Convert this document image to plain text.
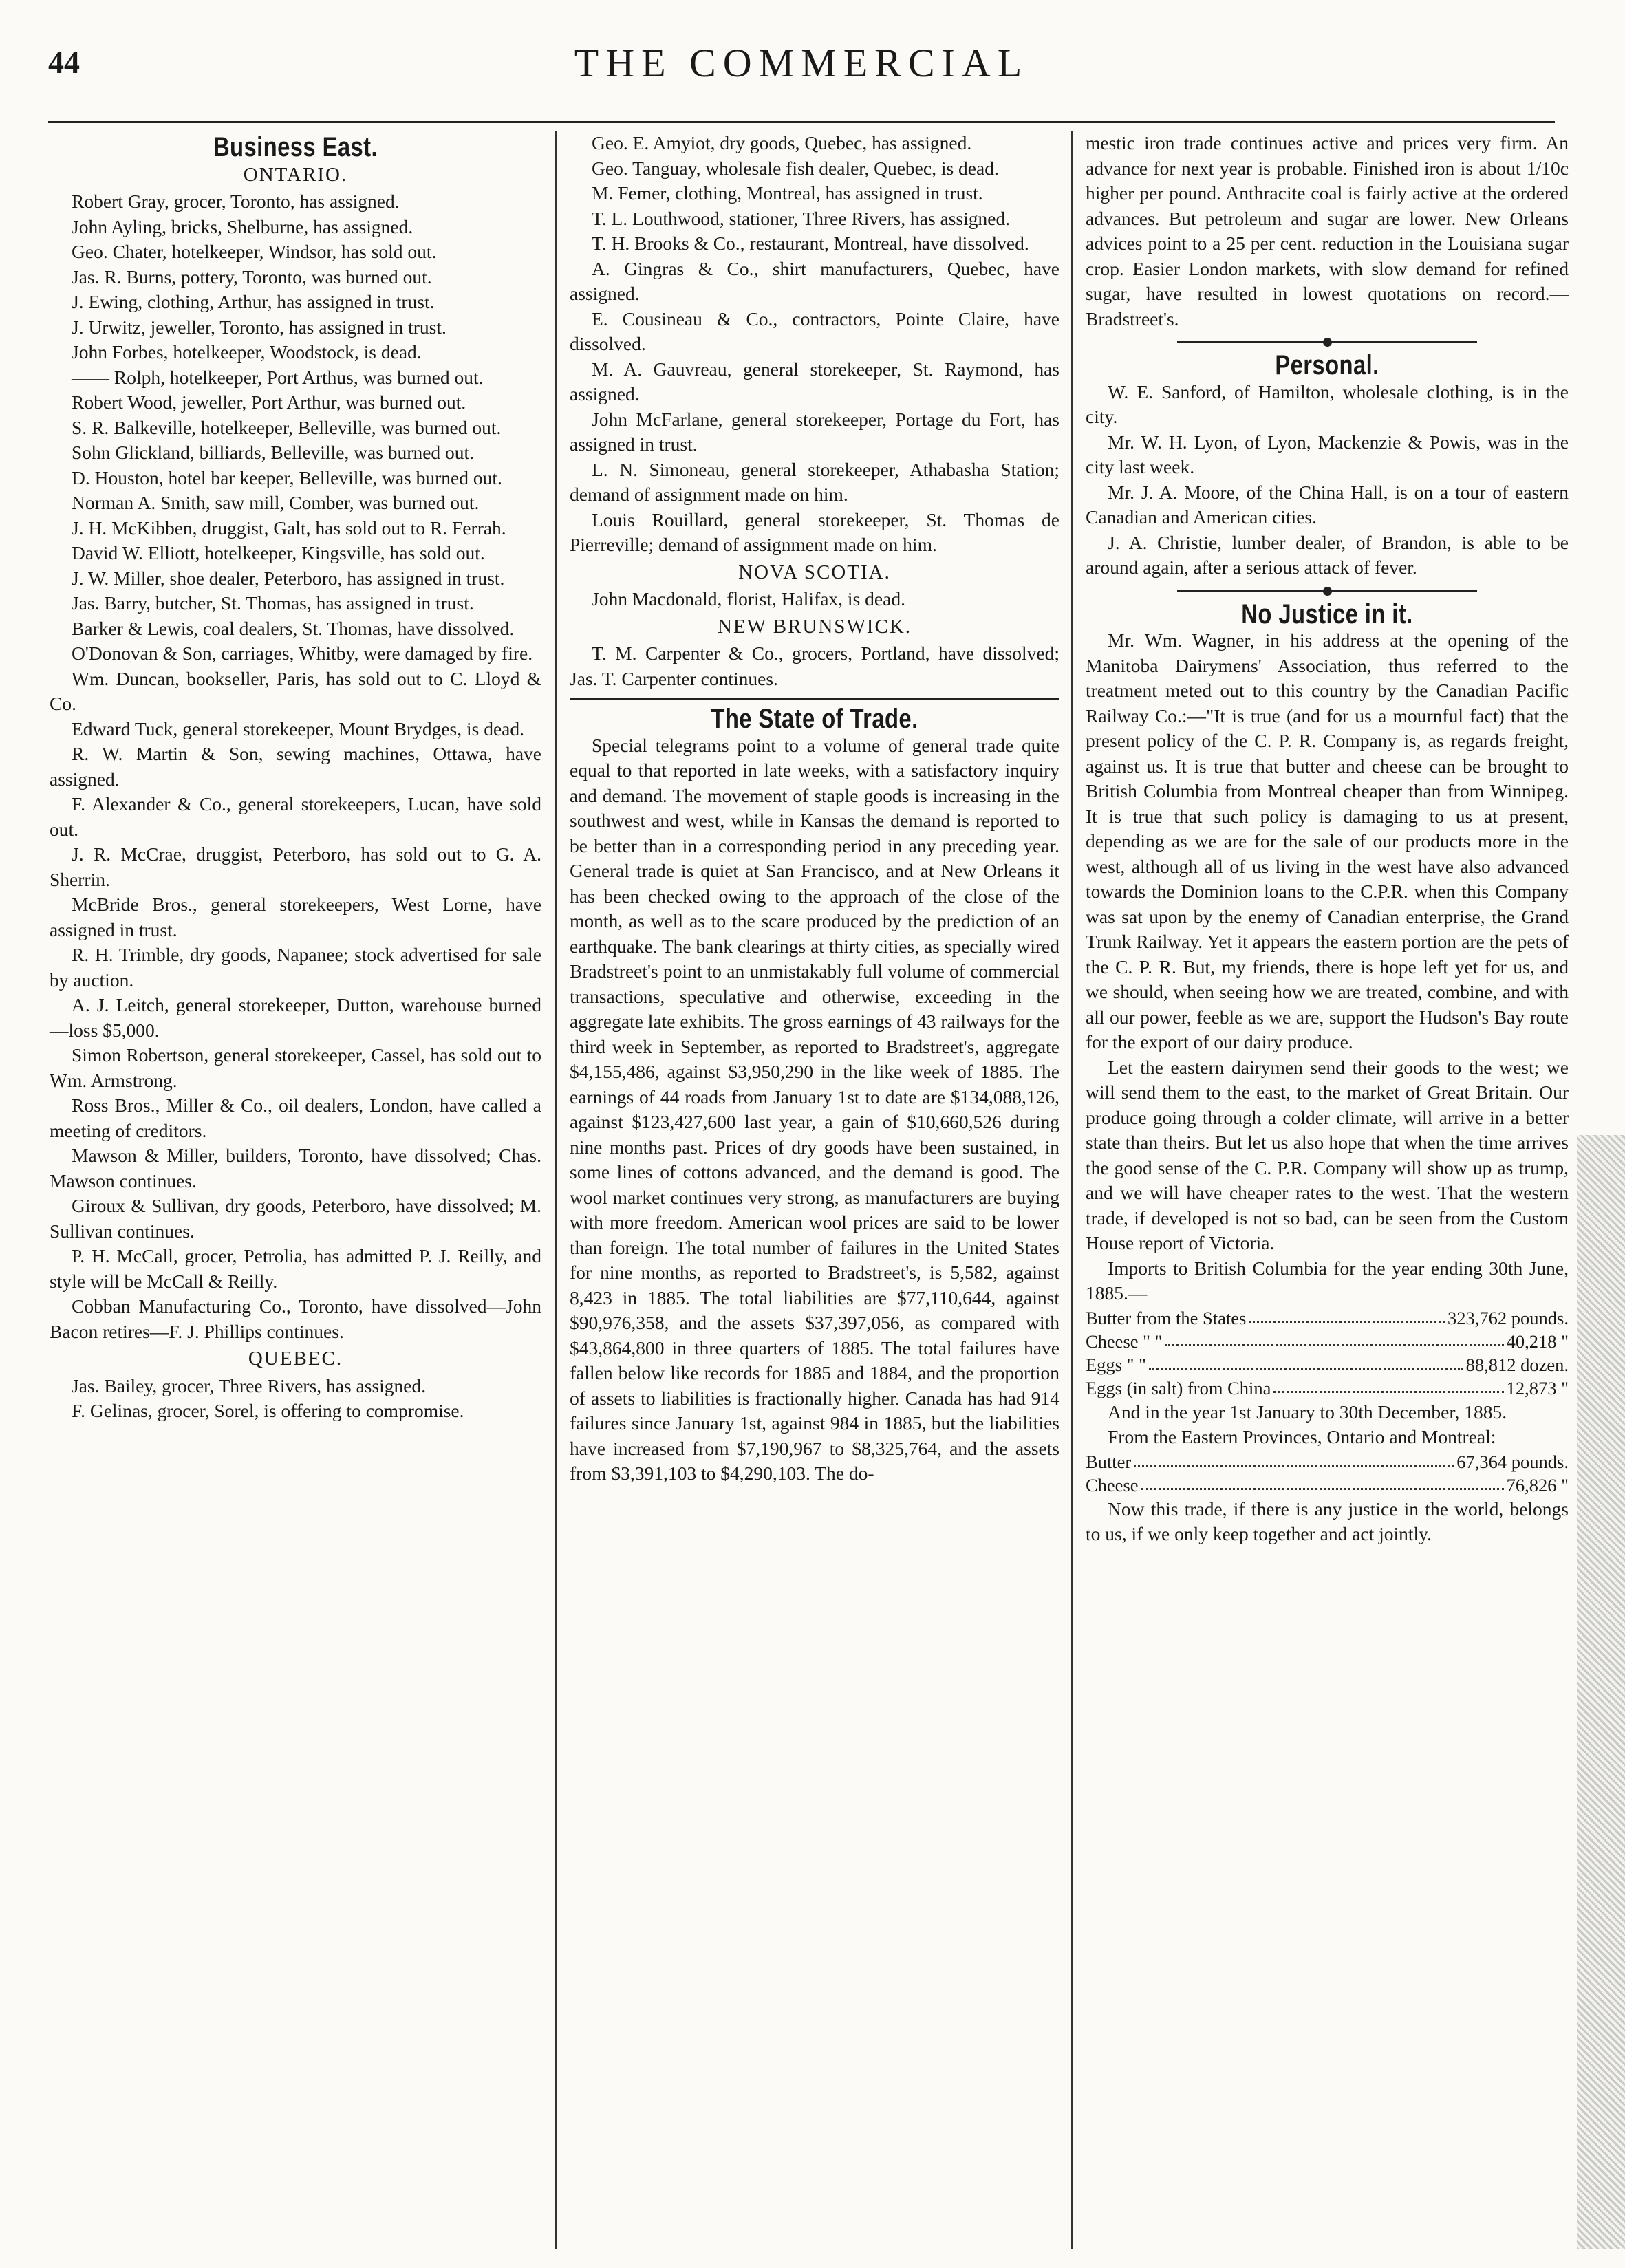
44	THE COMMERCIAL
Business East.
ONTARIO.

Robert Gray, grocer, Toronto, has assigned.

John Ayling, bricks, Shelburne, has assigned.

Geo. Chater, hotelkeeper, Windsor, has sold out.

Jas. R. Burns, pottery, Toronto, was burned out.

J. Ewing, clothing, Arthur, has assigned in trust.

J. Urwitz, jeweller, Toronto, has assigned in trust.

John Forbes, hotelkeeper, Woodstock, is dead.

—— Rolph, hotelkeeper, Port Arthus, was burned out.

Robert Wood, jeweller, Port Arthur, was burned out.

S. R. Balkeville, hotelkeeper, Belleville, was burned out.

Sohn Glickland, billiards, Belleville, was burned out.

D. Houston, hotel bar keeper, Belleville, was burned out.

Norman A. Smith, saw mill, Comber, was burned out.

J. H. McKibben, druggist, Galt, has sold out to R. Ferrah.

David W. Elliott, hotelkeeper, Kingsville, has sold out.

J. W. Miller, shoe dealer, Peterboro, has assigned in trust.

Jas. Barry, butcher, St. Thomas, has assigned in trust.

Barker & Lewis, coal dealers, St. Thomas, have dissolved.

O'Donovan & Son, carriages, Whitby, were damaged by fire.

Wm. Duncan, bookseller, Paris, has sold out to C. Lloyd & Co.

Edward Tuck, general storekeeper, Mount Brydges, is dead.

R. W. Martin & Son, sewing machines, Ottawa, have assigned.

F. Alexander & Co., general storekeepers, Lucan, have sold out.

J. R. McCrae, druggist, Peterboro, has sold out to G. A. Sherrin.

McBride Bros., general storekeepers, West Lorne, have assigned in trust.

R. H. Trimble, dry goods, Napanee; stock advertised for sale by auction.

A. J. Leitch, general storekeeper, Dutton, warehouse burned—loss $5,000.

Simon Robertson, general storekeeper, Cassel, has sold out to Wm. Armstrong.

Ross Bros., Miller & Co., oil dealers, London, have called a meeting of creditors.

Mawson & Miller, builders, Toronto, have dissolved; Chas. Mawson continues.

Giroux & Sullivan, dry goods, Peterboro, have dissolved; M. Sullivan continues.

P. H. McCall, grocer, Petrolia, has admitted P. J. Reilly, and style will be McCall & Reilly.

Cobban Manufacturing Co., Toronto, have dissolved—John Bacon retires—F. J. Phillips continues.

QUEBEC.

Jas. Bailey, grocer, Three Rivers, has assigned.

F. Gelinas, grocer, Sorel, is offering to compromise.

Geo. E. Amyiot, dry goods, Quebec, has assigned.

Geo. Tanguay, wholesale fish dealer, Quebec, is dead.

M. Femer, clothing, Montreal, has assigned in trust.

T. L. Louthwood, stationer, Three Rivers, has assigned.

T. H. Brooks & Co., restaurant, Montreal, have dissolved.

A. Gingras & Co., shirt manufacturers, Quebec, have assigned.

E. Cousineau & Co., contractors, Pointe Claire, have dissolved.

M. A. Gauvreau, general storekeeper, St. Raymond, has assigned.

John McFarlane, general storekeeper, Portage du Fort, has assigned in trust.

L. N. Simoneau, general storekeeper, Athabasha Station; demand of assignment made on him.

Louis Rouillard, general storekeeper, St. Thomas de Pierreville; demand of assignment made on him.

NOVA SCOTIA.

John Macdonald, florist, Halifax, is dead.

NEW BRUNSWICK.

T. M. Carpenter & Co., grocers, Portland, have dissolved; Jas. T. Carpenter continues.

The State of Trade.

Special telegrams point to a volume of general trade quite equal to that reported in late weeks, with a satisfactory inquiry and demand. The movement of staple goods is increasing in the southwest and west, while in Kansas the demand is reported to be better than in a corresponding period in any preceding year. General trade is quiet at San Francisco, and at New Orleans it has been checked owing to the approach of the close of the month, as well as to the scare produced by the prediction of an earthquake. The bank clearings at thirty cities, as specially wired Bradstreet's point to an unmistakably full volume of commercial transactions, speculative and otherwise, exceeding in the aggregate late exhibits. The gross earnings of 43 railways for the third week in September, as reported to Bradstreet's, aggregate $4,155,486, against $3,950,290 in the like week of 1885. The earnings of 44 roads from January 1st to date are $134,088,126, against $123,427,600 last year, a gain of $10,660,526 during nine months past. Prices of dry goods have been sustained, in some lines of cottons advanced, and the demand is good. The wool market continues very strong, as manufacturers are buying with more freedom. American wool prices are said to be lower than foreign. The total number of failures in the United States for nine months, as reported to Bradstreet's, is 5,582, against 8,423 in 1885. The total liabilities are $77,110,644, against $90,976,358, and the assets $37,397,056, as compared with $43,864,800 in three quarters of 1885. The total failures have fallen below like records for 1885 and 1884, and the proportion of assets to liabilities is fractionally higher. Canada has had 914 failures since January 1st, against 984 in 1885, but the liabilities have increased from $7,190,967 to $8,325,764, and the assets from $3,391,103 to $4,290,103. The do-

mestic iron trade continues active and prices very firm. An advance for next year is probable. Finished iron is about 1/10c higher per pound. Anthracite coal is fairly active at the ordered advances. But petroleum and sugar are lower. New Orleans advices point to a 25 per cent. reduction in the Louisiana sugar crop. Easier London markets, with slow demand for refined sugar, have resulted in lowest quotations on record.—Bradstreet's.

Personal.

W. E. Sanford, of Hamilton, wholesale clothing, is in the city.

Mr. W. H. Lyon, of Lyon, Mackenzie & Powis, was in the city last week.

Mr. J. A. Moore, of the China Hall, is on a tour of eastern Canadian and American cities.

J. A. Christie, lumber dealer, of Brandon, is able to be around again, after a serious attack of fever.

No Justice in it.

Mr. Wm. Wagner, in his address at the opening of the Manitoba Dairymens' Association, thus referred to the treatment meted out to this country by the Canadian Pacific Railway Co.:—"It is true (and for us a mournful fact) that the present policy of the C. P. R. Company is, as regards freight, against us. It is true that butter and cheese can be brought to British Columbia from Montreal cheaper than from Winnipeg. It is true that such policy is damaging to us at present, depending as we are for the sale of our products more in the west, although all of us living in the west have also advanced towards the Dominion loans to the C.P.R. when this Company was sat upon by the enemy of Canadian enterprise, the Grand Trunk Railway. Yet it appears the eastern portion are the pets of the C. P. R. But, my friends, there is hope left yet for us, and we should, when seeing how we are treated, combine, and with all our power, feeble as we are, support the Hudson's Bay route for the export of our dairy produce.

Let the eastern dairymen send their goods to the west; we will send them to the east, to the market of Great Britain. Our produce going through a colder climate, will arrive in a better state than theirs. But let us also hope that when the time arrives the good sense of the C. P.R. Company will show up as trump, and we will have cheaper rates to the west. That the western trade, if developed is not so bad, can be seen from the Custom House report of Victoria.

Imports to British Columbia for the year ending 30th June, 1885.—

Butter from the States	323,762 pounds.
Cheese " "	40,218 "
Eggs " "	88,812 dozen.
Eggs (in salt) from China	12,873 "

And in the year 1st January to 30th December, 1885.

From the Eastern Provinces, Ontario and Montreal:

Butter	67,364 pounds.
Cheese	76,826 "

Now this trade, if there is any justice in the world, belongs to us, if we only keep together and act jointly.
